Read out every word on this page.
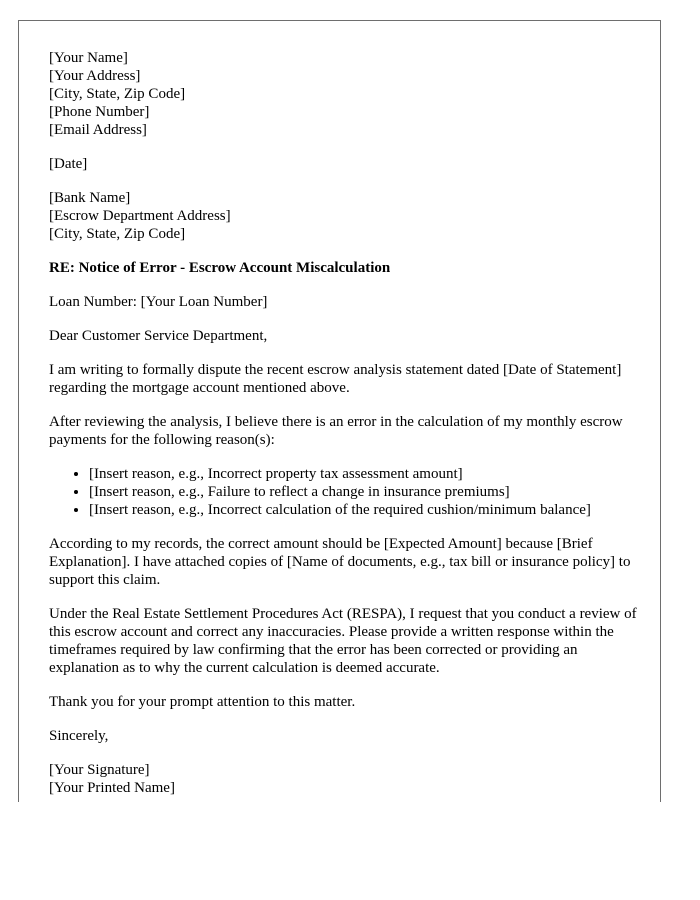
[Your Name]
[Your Address]
[City, State, Zip Code]
[Phone Number]
[Email Address]
[Date]
[Bank Name]
[Escrow Department Address]
[City, State, Zip Code]

RE: Notice of Error - Escrow Account Miscalculation

Loan Number: [Your Loan Number]

Dear Customer Service Department,

I am writing to formally dispute the recent escrow analysis statement dated [Date of Statement] regarding the mortgage account mentioned above.

After reviewing the analysis, I believe there is an error in the calculation of my monthly escrow payments for the following reason(s):

• [Insert reason, e.g., Incorrect property tax assessment amount]
• [Insert reason, e.g., Failure to reflect a change in insurance premiums]
• [Insert reason, e.g., Incorrect calculation of the required cushion/minimum balance]

According to my records, the correct amount should be [Expected Amount] because [Brief Explanation]. I have attached copies of [Name of documents, e.g., tax bill or insurance policy] to support this claim.

Under the Real Estate Settlement Procedures Act (RESPA), I request that you conduct a review of this escrow account and correct any inaccuracies. Please provide a written response within the timeframes required by law confirming that the error has been corrected or providing an explanation as to why the current calculation is deemed accurate.

Thank you for your prompt attention to this matter.

Sincerely,

[Your Signature]
[Your Printed Name]
